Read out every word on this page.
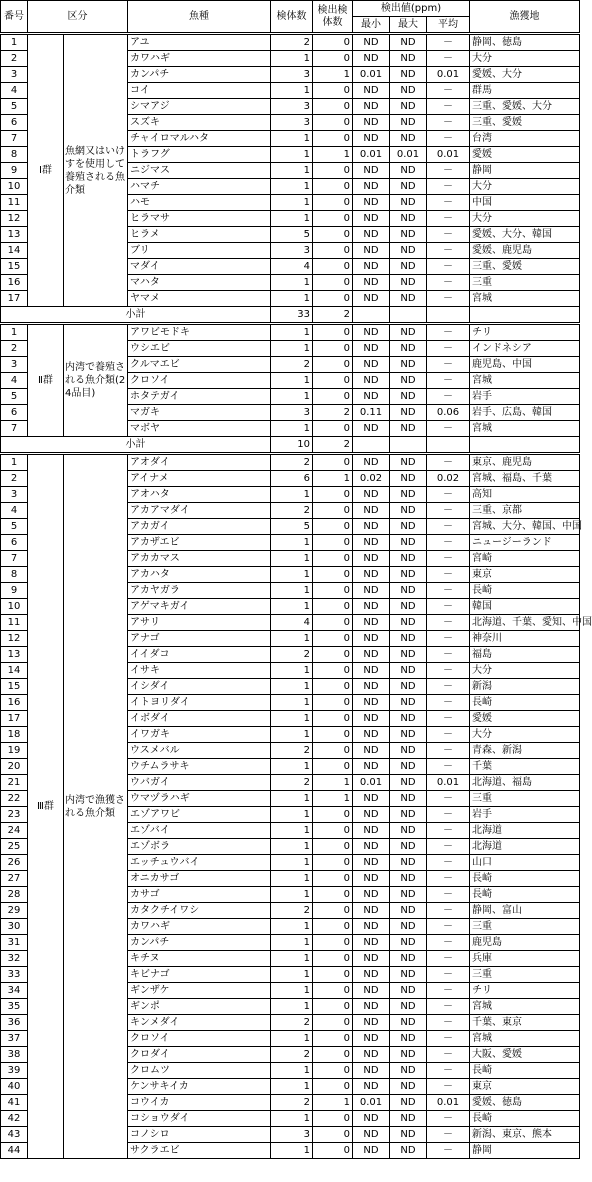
番号	区分		魚種	検体数	検出検体数	検出値(ppm)			漁獲地
						最小	最大	平均	
1	Ⅰ群	魚網又はいけすを使用して養殖される魚介類	アユ	2	0	ND	ND	－	静岡、徳島
2			カワハギ	1	0	ND	ND	－	大分
3			カンパチ	3	1	0.01	ND	0.01	愛媛、大分
4			コイ	1	0	ND	ND	－	群馬
5			シマアジ	3	0	ND	ND	－	三重、愛媛、大分
6			スズキ	3	0	ND	ND	－	三重、愛媛
7			チャイロマルハタ	1	0	ND	ND	－	台湾
8			トラフグ	1	1	0.01	0.01	0.01	愛媛
9			ニジマス	1	0	ND	ND	－	静岡
10			ハマチ	1	0	ND	ND	－	大分
11			ハモ	1	0	ND	ND	－	中国
12			ヒラマサ	1	0	ND	ND	－	大分
13			ヒラメ	5	0	ND	ND	－	愛媛、大分、韓国
14			ブリ	3	0	ND	ND	－	愛媛、鹿児島
15			マダイ	4	0	ND	ND	－	三重、愛媛
16			マハタ	1	0	ND	ND	－	三重
17			ヤマメ	1	0	ND	ND	－	宮城
小計				33	2				
1	Ⅱ群	内湾で養殖される魚介類(24品目)	アワビモドキ	1	0	ND	ND	－	チリ
2			ウシエビ	1	0	ND	ND	－	インドネシア
3			クルマエビ	2	0	ND	ND	－	鹿児島、中国
4			クロソイ	1	0	ND	ND	－	宮城
5			ホタテガイ	1	0	ND	ND	－	岩手
6			マガキ	3	2	0.11	ND	0.06	岩手、広島、韓国
7			マボヤ	1	0	ND	ND	－	宮城
小計				10	2				
1	Ⅲ群	内湾で漁獲される魚介類	アオダイ	2	0	ND	ND	－	東京、鹿児島
2			アイナメ	6	1	0.02	ND	0.02	宮城、福島、千葉
3			アオハタ	1	0	ND	ND	－	高知
4			アカアマダイ	2	0	ND	ND	－	三重、京都
5			アカガイ	5	0	ND	ND	－	宮城、大分、韓国、中国
6			アカザエビ	1	0	ND	ND	－	ニュージーランド
7			アカカマス	1	0	ND	ND	－	宮崎
8			アカハタ	1	0	ND	ND	－	東京
9			アカヤガラ	1	0	ND	ND	－	長崎
10			アゲマキガイ	1	0	ND	ND	－	韓国
11			アサリ	4	0	ND	ND	－	北海道、千葉、愛知、中国
12			アナゴ	1	0	ND	ND	－	神奈川
13			イイダコ	2	0	ND	ND	－	福島
14			イサキ	1	0	ND	ND	－	大分
15			イシダイ	1	0	ND	ND	－	新潟
16			イトヨリダイ	1	0	ND	ND	－	長崎
17			イボダイ	1	0	ND	ND	－	愛媛
18			イワガキ	1	0	ND	ND	－	大分
19			ウスメバル	2	0	ND	ND	－	青森、新潟
20			ウチムラサキ	1	0	ND	ND	－	千葉
21			ウバガイ	2	1	0.01	ND	0.01	北海道、福島
22			ウマヅラハギ	1	1	ND	ND	－	三重
23			エゾアワビ	1	0	ND	ND	－	岩手
24			エゾバイ	1	0	ND	ND	－	北海道
25			エゾボラ	1	0	ND	ND	－	北海道
26			エッチュウバイ	1	0	ND	ND	－	山口
27			オニカサゴ	1	0	ND	ND	－	長崎
28			カサゴ	1	0	ND	ND	－	長崎
29			カタクチイワシ	2	0	ND	ND	－	静岡、富山
30			カワハギ	1	0	ND	ND	－	三重
31			カンパチ	1	0	ND	ND	－	鹿児島
32			キチヌ	1	0	ND	ND	－	兵庫
33			キビナゴ	1	0	ND	ND	－	三重
34			ギンザケ	1	0	ND	ND	－	チリ
35			ギンポ	1	0	ND	ND	－	宮城
36			キンメダイ	2	0	ND	ND	－	千葉、東京
37			クロソイ	1	0	ND	ND	－	宮城
38			クロダイ	2	0	ND	ND	－	大阪、愛媛
39			クロムツ	1	0	ND	ND	－	長崎
40			ケンサキイカ	1	0	ND	ND	－	東京
41			コウイカ	2	1	0.01	ND	0.01	愛媛、徳島
42			コショウダイ	1	0	ND	ND	－	長崎
43			コノシロ	3	0	ND	ND	－	新潟、東京、熊本
44			サクラエビ	1	0	ND	ND	－	静岡
